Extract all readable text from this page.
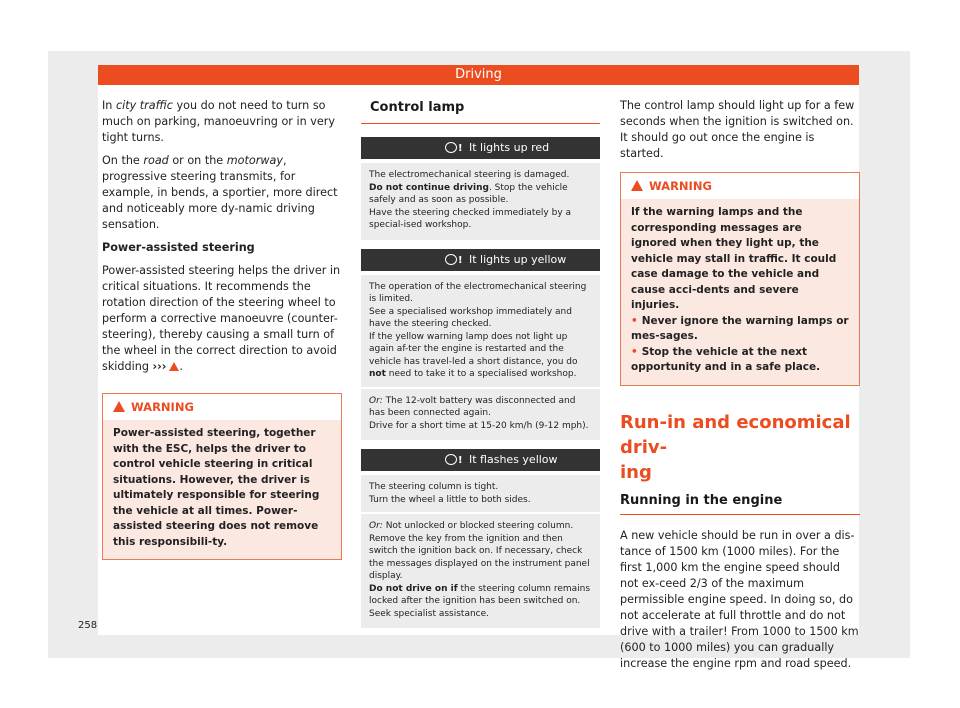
Driving

In city traffic you do not need to turn so much on parking, manoeuvring or in very tight turns.

On the road or on the motorway, progressive steering transmits, for example, in bends, a sportier, more direct and noticeably more dy-namic driving sensation.

Power-assisted steering

Power-assisted steering helps the driver in critical situations. It recommends the rotation direction of the steering wheel to perform a corrective manoeuvre (counter-steering), thereby causing a small turn of the wheel in the correct direction to avoid skidding ››› .

WARNING
Power-assisted steering, together with the ESC, helps the driver to control vehicle steering in critical situations. However, the driver is ultimately responsible for steering the vehicle at all times. Power-assisted steering does not remove this responsibili-ty.
Control lamp
!
It lights up red
The electromechanical steering is damaged.
Do not continue driving. Stop the vehicle safely and as soon as possible.
Have the steering checked immediately by a special-ised workshop.
!
It lights up yellow
The operation of the electromechanical steering is limited.
See a specialised workshop immediately and have the steering checked.
If the yellow warning lamp does not light up again af-ter the engine is restarted and the vehicle has travel-led a short distance, you do not need to take it to a specialised workshop.
Or: The 12-volt battery was disconnected and has been connected again.
Drive for a short time at 15-20 km/h (9-12 mph).
!
It flashes yellow
The steering column is tight.
Turn the wheel a little to both sides.
Or: Not unlocked or blocked steering column.
Remove the key from the ignition and then switch the ignition back on. If necessary, check the messages displayed on the instrument panel display.
Do not drive on if the steering column remains locked after the ignition has been switched on. Seek specialist assistance.

The control lamp should light up for a few seconds when the ignition is switched on. It should go out once the engine is started.

WARNING
If the warning lamps and the corresponding messages are ignored when they light up, the vehicle may stall in traffic. It could case damage to the vehicle and cause acci-dents and severe injuries.
• Never ignore the warning lamps or mes-sages.
• Stop the vehicle at the next opportunity and in a safe place.
Run-in and economical driv-
ing
Running in the engine

A new vehicle should be run in over a dis-tance of 1500 km (1000 miles). For the first 1,000 km the engine speed should not ex-ceed 2/3 of the maximum permissible engine speed. In doing so, do not accelerate at full throttle and do not drive with a trailer! From 1000 to 1500 km (600 to 1000 miles) you can gradually increase the engine rpm and road speed.

258
